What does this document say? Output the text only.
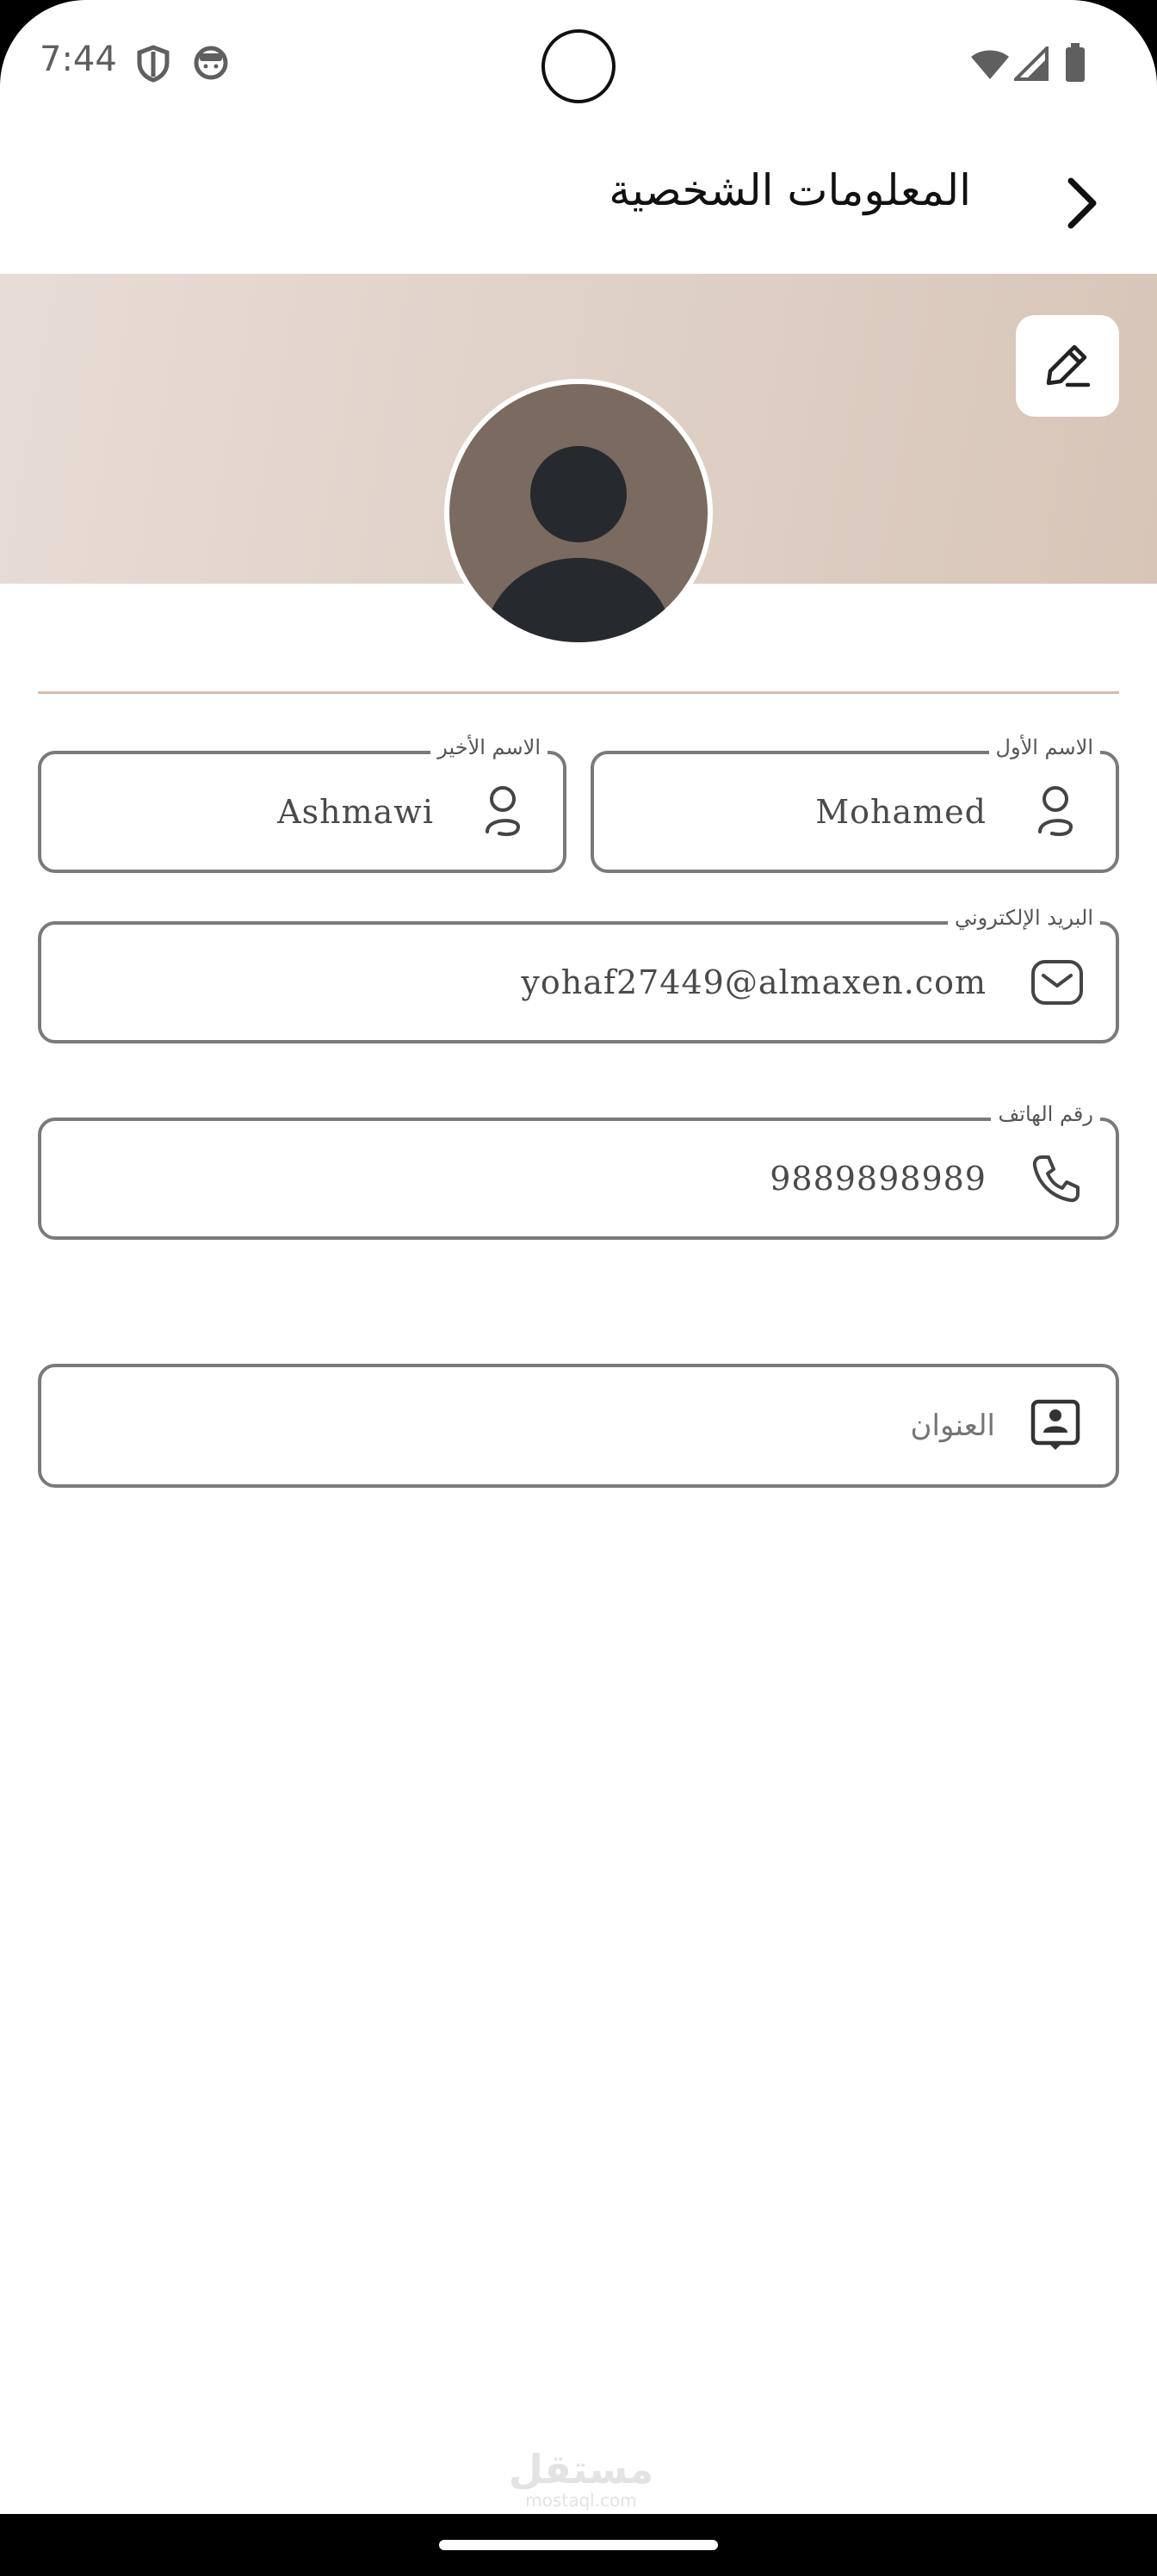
7:44
المعلومات الشخصية
الاسم الأخير
Ashmawi
الاسم الأول
Mohamed
البريد الإلكتروني
yohaf27449@almaxen.com
رقم الهاتف
9889898989
العنوان
مستقل
mostaql.com
